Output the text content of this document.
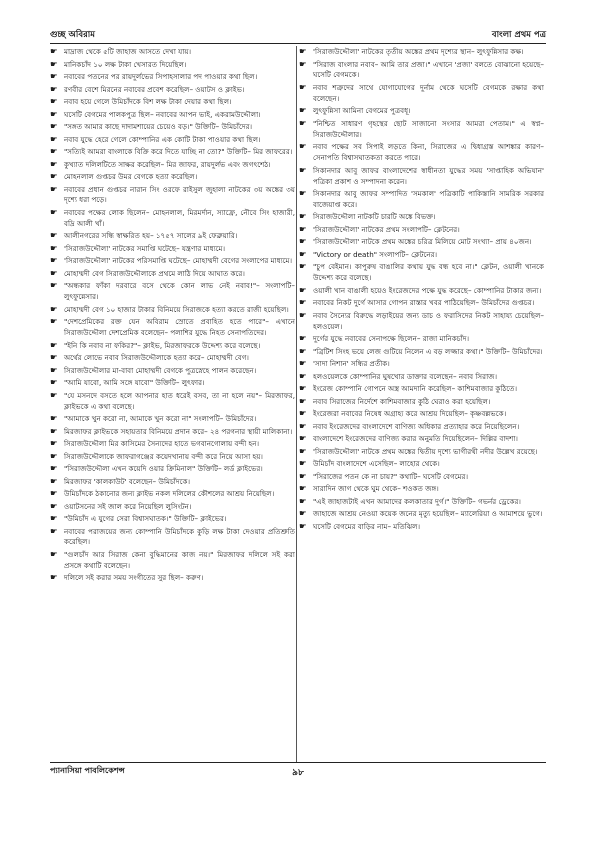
গুচ্ছ অবিরাম	বাংলা প্রথম পত্র
☛ মাদ্রাজ থেকে ৫টি জাহাজ আসতে দেখা যায়।
☛ মানিকচাঁদ ১০ লক্ষ টাকা খেসারত দিয়েছিল।
☛ নবাবের পতনের পর রায়দুর্লভের সিপাহসালার পদ পাওয়ার কথা ছিল।
☛ রণবীর বেশে মিরনের নবাবের প্রবেশ করেছিল– ওয়াটস ও ক্লাইভ।
☛ নবাব হয়ে গেলে উমিচাঁদকে বিশ লক্ষ টাকা দেয়ার কথা ছিল।
☛ ঘসেটি বেগমের পালকপুত্র ছিল– নবাবের আপন ভাই, একরামউদ্দৌলা।
☛ "সঙ্গত আমার কাছে দাদামশায়ের চেয়েও বড়।" উক্তিটি– উমিচাঁদের।
☛ নবাব যুদ্ধে হেরে গেলে কোম্পানির এক কোটি টাকা পাওয়ার কথা ছিল।
☛ "সত্যিই আমরা বাংলাকে বিক্রি করে দিতে যাচ্ছি না তো?" উক্তিটি– মির জাফরের।
☛ কুখ্যাত দলিলটিতে সাক্ষর করেছিল– মির জাফর, রায়দুর্লভ এবং জগৎশেঠ।
☛ মোহনলাল গুপ্তচর উমর বেগকে হত্যা করেছিল।
☛ নবাবের প্রধান গুপ্তচর নারান সিং ওরফে রাইসুল জুহালা নাটকের ৩য় অঙ্কের ৩য় দৃশ্যে ধরা পড়ে।
☛ নবাবের পক্ষের লোক ছিলেন– মোহনলাল, মিরমর্দান, স্যাফ্রে, নৌবে সিং হাজারী, বদ্রি আলী খাঁ।
☛ আলীনগরের সন্ধি স্বাক্ষরিত হয়– ১৭৫৭ সালের ৯ই ফেব্রুয়ারি।
☛ 'সিরাজউদ্দৌলা' নাটকের সমাপ্তি ঘটেছে– যন্ত্রণার মাধ্যমে।
☛ 'সিরাজউদ্দৌলা' নাটকের পরিসমাপ্তি ঘটেছে– মোহাম্মদী বেগের সংলাপের মাধ্যমে।
☛ মোহাম্মদী বেগ সিরাজউদ্দৌলাকে প্রথমে লাঠি দিয়ে আঘাত করে।
☛ "অন্ধকার ফাঁকা দরবারে বসে থেকে কোন লাভ নেই নবাব!"– সংলাপটি– লুৎফুন্নেসার।
☛ মোহাম্মদী বেগ ১০ হাজার টাকার বিনিময়ে সিরাজকে হত্যা করতে রাজী হয়েছিল।
☛ "দেশপ্রেমিকের রক্ত যেন অবিরাম স্রোতে প্রবাহিত হতে পারে"– এখানে সিরাজউদ্দৌলা দেশপ্রেমিক বলেছেন– পলাশির যুদ্ধে নিহত সেনাপতিদের।
☛ "ইনি কি নবাব না ফকির?"– ক্লাইভ, মিরজাফরকে উদ্দেশ্য করে বলেছে।
☛ অর্থের লোভে নবাব সিরাজউদ্দৌলাকে হত্যা করে– মোহাম্মদী বেগ।
☛ সিরাজউদ্দৌলার মা-বাবা মোহাম্মদী বেগকে পুত্রস্নেহে পালন করেছেন।
☛ "আমি যাবো, আমি সঙ্গে যাবো" উক্তিটি– লুৎফার।
☛ "যে মসনদে বসতে হলে আপনার হাত ধরেই বসব, তা না হলে নয়"– মিরজাফর, ক্লাইভকে এ কথা বলেছে।
☛ "আমাকে খুন করো না, আমাকে খুন করো না" সংলাপটি– উমিচাঁদের।
☛ মিরজাফর ক্লাইভকে সহায়তার বিনিময়ে প্রদান করে– ২৪ পরগনার স্থায়ী মালিকানা।
☛ সিরাজউদ্দৌলা মির কাসিমের সৈন্যদের হাতে ভগবানগোলায় বন্দী হন।
☛ সিরাজউদ্দৌলাকে জাফরাগঞ্জের কয়েদখানায় বন্দী করে নিয়ে আসা হয়।
☛ "সিরাজউদ্দৌলা এখন কয়েদি ওয়ার ক্রিমিনাল" উক্তিটি– লর্ড ক্লাইভের।
☛ মিরজাফর 'কালকাউট' বলেছেন– উমিচাঁদকে।
☛ উমিচাঁদকে ঠকানোর জন্য ক্লাইভ নকল দলিলের কৌশলের আশ্রয় নিয়েছিল।
☛ ওয়াটসনের সই জাল করে নিয়েছিল লুসিংটন।
☛ "উমিচাঁদ এ যুগের সেরা বিশ্বাসঘাতক।" উক্তিটি– ক্লাইভের।
☛ নবাবের পরাজয়ের জন্য কোম্পানি উমিচাঁদকে কুড়ি লক্ষ টাকা দেওয়ার প্রতিশ্রুতি করেছিল।
☛ "গুলচাঁদ আর সিরাজ কেনা বুদ্ধিমানের কাজ নয়।" মিরজাফর দলিলে সই করা প্রসঙ্গে কথাটি বলেছেন।
☛ দলিলে সই করার সময় সংগীতের সুর ছিল– করুণ।
☛ 'সিরাজউদ্দৌলা' নাটকের তৃতীয় অঙ্কের প্রথম দৃশ্যের স্থান– লুৎফুন্নিসার কক্ষ।
☛ "সিরাজ বাংলার নবাব– আমি তার প্রজা।" এখানে 'প্রজা' বলতে বোঝানো হয়েছে– ঘসেটি বেগমকে।
☛ নবাব শত্রুদের সাথে যোগাযোগের দুর্নাম থেকে ঘসেটি বেগমকে রক্ষার কথা বলেছেন।
☛ লুৎফুন্নিসা আমিনা বেগমের পুত্রবধূ।
☛ "নিশ্চিত সাধারণ গৃহস্থের ছোট সাজানো সংসার আমরা পেতাম।" এ স্বপ্ন– সিরাজউদ্দৌলার।
☛ নবাব পক্ষের সব সিপাই লড়তে কিনা, সিরাজের এ দ্বিধাগ্রস্ত আশঙ্কার কারণ– সেনাপতি বিশ্বাসঘাতকতা করতে পারে।
☛ সিকানদার আবু জাফর বাংলাদেশের স্বাধীনতা যুদ্ধের সময় 'সাপ্তাহিক অভিযান' পত্রিকা প্রকাশ ও সম্পাদনা করেন।
☛ সিকানদার আবু জাফর সম্পাদিত 'সমকাল' পত্রিকাটি পাকিস্তানি সামরিক সরকার বাজেয়াপ্ত করে।
☛ সিরাজউদ্দৌলা নাটকটি চারটি অঙ্কে বিভক্ত।
☛ 'সিরাজউদ্দৌলা' নাটকের প্রথম সংলাপটি– ক্লেটনের।
☛ 'সিরাজউদ্দৌলা' নাটকে প্রথম অঙ্কের চরিত্র মিলিয়ে মোট সংখ্যা– প্রায় ৪০জন।
☛ "Victory or death" সংলাপটি– ক্লেটনের।
☛ "চুপ বেইমান। কাপুরুষ বাঙালির কথায় যুদ্ধ বন্ধ হবে না।" ক্লেটন, ওয়ালী খানকে উদ্দেশ্য করে বলেছে।
☛ ওয়ালী খান বাঙালী হয়েও ইংরেজদের পক্ষে যুদ্ধ করেছে– কোম্পানির টাকার জন্য।
☛ নবাবের নিকট দুর্গে আসার গোপন রাস্তার খবর পাঠিয়েছিল– উমিচাঁদের গুপ্তচর।
☛ নবাব সৈন্যের বিরুদ্ধে লড়াইয়ের জন্য ডাচ ও ফরাসিদের নিকট সাহায্য চেয়েছিল– হলওয়েল।
☛ দুর্গের যুদ্ধে নবাবের সেনাপক্ষে ছিলেন– রাজা মানিকচাঁদ।
☛ "ব্রিটিশ সিংহ ভয়ে লেজ গুটিয়ে নিলেন এ বড় লজ্জার কথা।" উক্তিটি– উমিচাঁদের।
☛ 'সাদা নিশান' সন্ধির প্রতীক।
☛ হলওয়েলকে কোম্পানির ঘুষখোর ডাক্তার বলেছেন– নবাব সিরাজ।
☛ ইংরেজ কোম্পানি গোপনে অস্ত্র আমদানি করেছিল– কাশিমবাজার কুঠিতে।
☛ নবাব সিরাজের নির্দেশে কাশিমবাজার কুঠি ঘেরাও করা হয়েছিল।
☛ ইংরেজরা নবাবের নিষেধ অগ্রাহ্য করে আশ্রয় দিয়েছিল– কৃষ্ণবল্লভকে।
☛ নবাব ইংরেজদের বাংলাদেশে বাণিজ্য অধিকার প্রত্যাহার করে নিয়েছিলেন।
☛ বাংলাদেশে ইংরেজদের বাণিজ্য করার অনুমতি দিয়েছিলেন– দিল্লির বাদশা।
☛ 'সিরাজউদ্দৌলা' নাটকে প্রথম অঙ্কের দ্বিতীয় দৃশ্যে ভাগীরথী নদীর উল্লেখ রয়েছে।
☛ উমিচাঁদ বাংলাদেশে এসেছিল– লাহোর থেকে।
☛ "সিরাজের পতন কে না চায়?" কথাটি– ঘসেটি বেগমের।
☛ সারাদিন জাগ থেকে ঘুম থেকে– শওকত জঙ্গ।
☛ "এই জাহাজটাই এখন আমাদের কলকাতার দুর্গ।" উক্তিটি– গভর্নর ড্রেকের।
☛ জাহাজে আশ্রয় নেওয়া কয়েক জনের মৃত্যু হয়েছিল– ম্যালেরিয়া ও আমাশয়ে ভুগে।
☛ ঘসেটি বেগমের বাড়ির নাম– মতিঝিল।
প্যানাসিয়া পাবলিকেশন্স	৯৮
